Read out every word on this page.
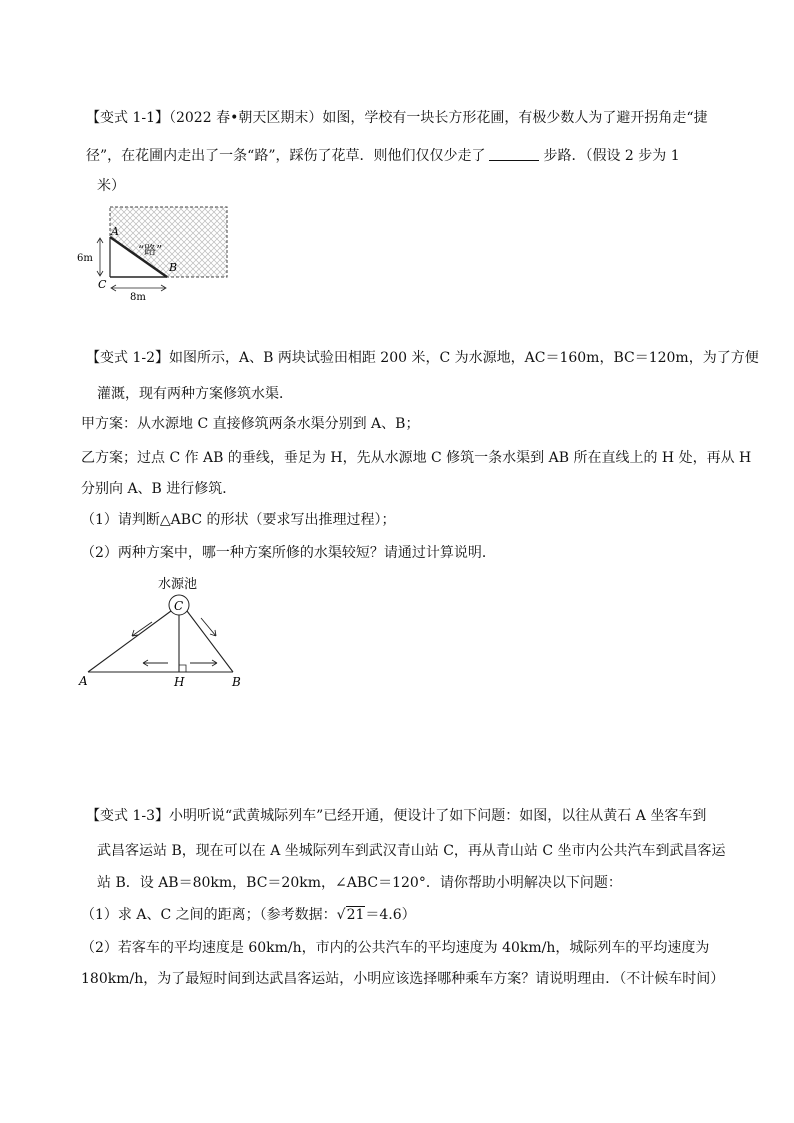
【变式 1-1】（2022 春•朝天区期末）如图，学校有一块长方形花圃，有极少数人为了避开拐角走“捷
径”，在花圃内走出了一条“路”，踩伤了花草．则他们仅仅少走了	步路．（假设 2 步为 1
米）
A
B
C
“路”
6m
8m
【变式 1-2】如图所示，A、B 两块试验田相距 200 米，C 为水源地，AC＝160m，BC＝120m，为了方便
灌溉，现有两种方案修筑水渠．
甲方案：从水源地 C 直接修筑两条水渠分别到 A、B；
乙方案；过点 C 作 AB 的垂线，垂足为 H，先从水源地 C 修筑一条水渠到 AB 所在直线上的 H 处，再从 H
分别向 A、B 进行修筑．
（1）请判断△ABC 的形状（要求写出推理过程）；
（2）两种方案中，哪一种方案所修的水渠较短？请通过计算说明．
水源池
C
A	H	B
【变式 1-3】小明听说“武黄城际列车”已经开通，便设计了如下问题：如图，以往从黄石 A 坐客车到
武昌客运站 B，现在可以在 A 坐城际列车到武汉青山站 C，再从青山站 C 坐市内公共汽车到武昌客运
站 B．设 AB＝80km，BC＝20km，∠ABC＝120°．请你帮助小明解决以下问题：
（1）求 A、C 之间的距离；（参考数据：√21＝4.6）
（2）若客车的平均速度是 60km/h，市内的公共汽车的平均速度为 40km/h，城际列车的平均速度为
180km/h，为了最短时间到达武昌客运站，小明应该选择哪种乘车方案？请说明理由．（不计候车时间）
